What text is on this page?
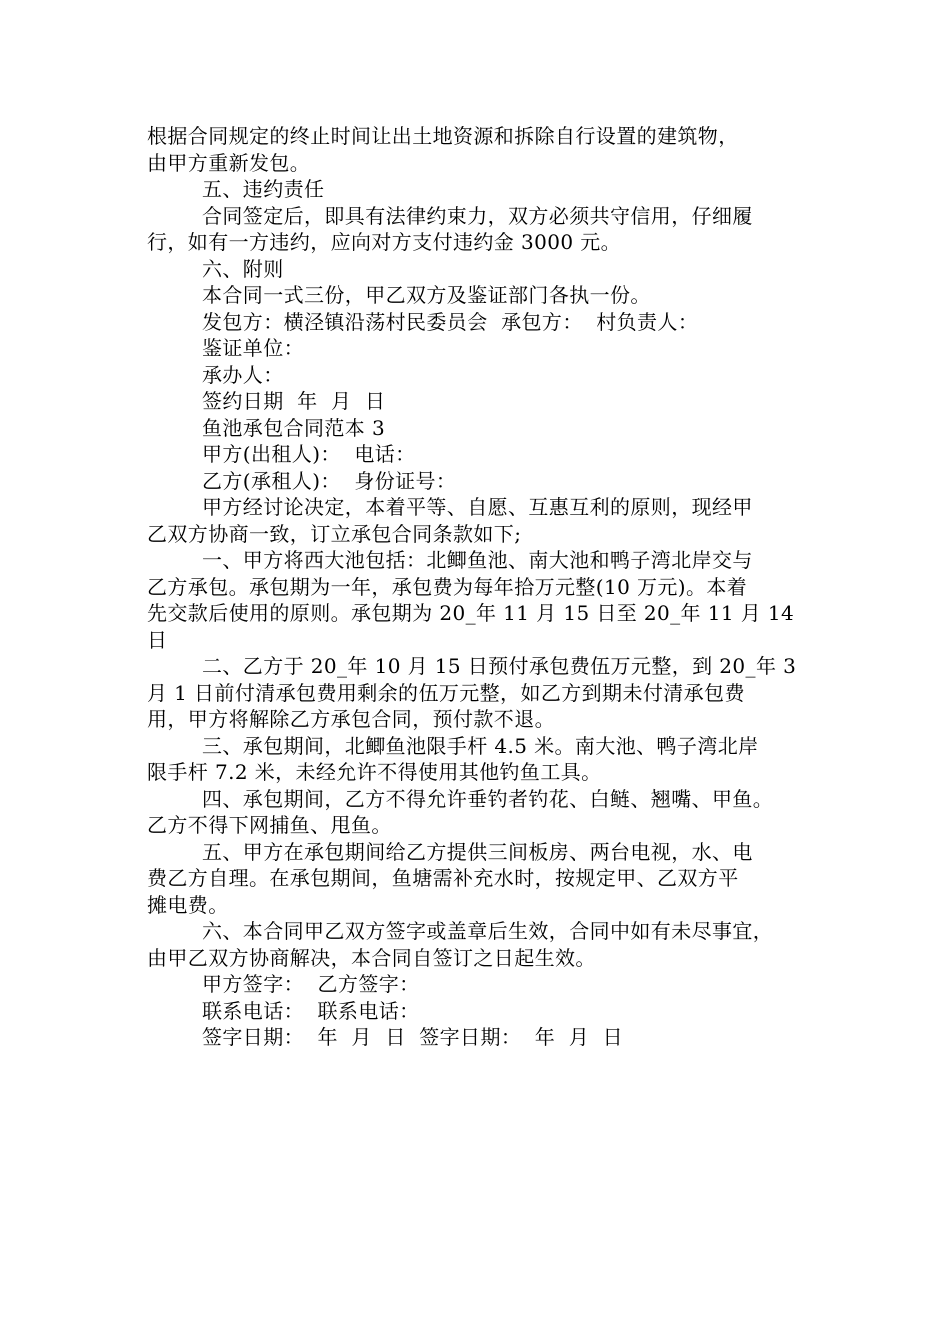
根据合同规定的终止时间让出土地资源和拆除自行设置的建筑物，
由甲方重新发包。
五、违约责任
合同签定后，即具有法律约束力，双方必须共守信用，仔细履
行，如有一方违约，应向对方支付违约金 3000 元。
六、附则
本合同一式三份，甲乙双方及鉴证部门各执一份。
发包方：横泾镇沿荡村民委员会  承包方：  村负责人：
鉴证单位：
承办人：
签约日期  年  月  日
鱼池承包合同范本 3
甲方(出租人)：  电话：
乙方(承租人)：  身份证号：
甲方经讨论决定，本着平等、自愿、互惠互利的原则，现经甲
乙双方协商一致，订立承包合同条款如下;
一、甲方将西大池包括：北鲫鱼池、南大池和鸭子湾北岸交与
乙方承包。承包期为一年，承包费为每年拾万元整(10 万元)。本着
先交款后使用的原则。承包期为 20_年 11 月 15 日至 20_年 11 月 14
日
二、乙方于 20_年 10 月 15 日预付承包费伍万元整，到 20_年 3
月 1 日前付清承包费用剩余的伍万元整，如乙方到期未付清承包费
用，甲方将解除乙方承包合同，预付款不退。
三、承包期间，北鲫鱼池限手杆 4.5 米。南大池、鸭子湾北岸
限手杆 7.2 米，未经允许不得使用其他钓鱼工具。
四、承包期间，乙方不得允许垂钓者钓花、白鲢、翘嘴、甲鱼。
乙方不得下网捕鱼、甩鱼。
五、甲方在承包期间给乙方提供三间板房、两台电视，水、电
费乙方自理。在承包期间，鱼塘需补充水时，按规定甲、乙双方平
摊电费。
六、本合同甲乙双方签字或盖章后生效，合同中如有未尽事宜，
由甲乙双方协商解决，本合同自签订之日起生效。
甲方签字：  乙方签字：
联系电话：  联系电话：
签字日期：  年  月  日  签字日期：  年  月  日
